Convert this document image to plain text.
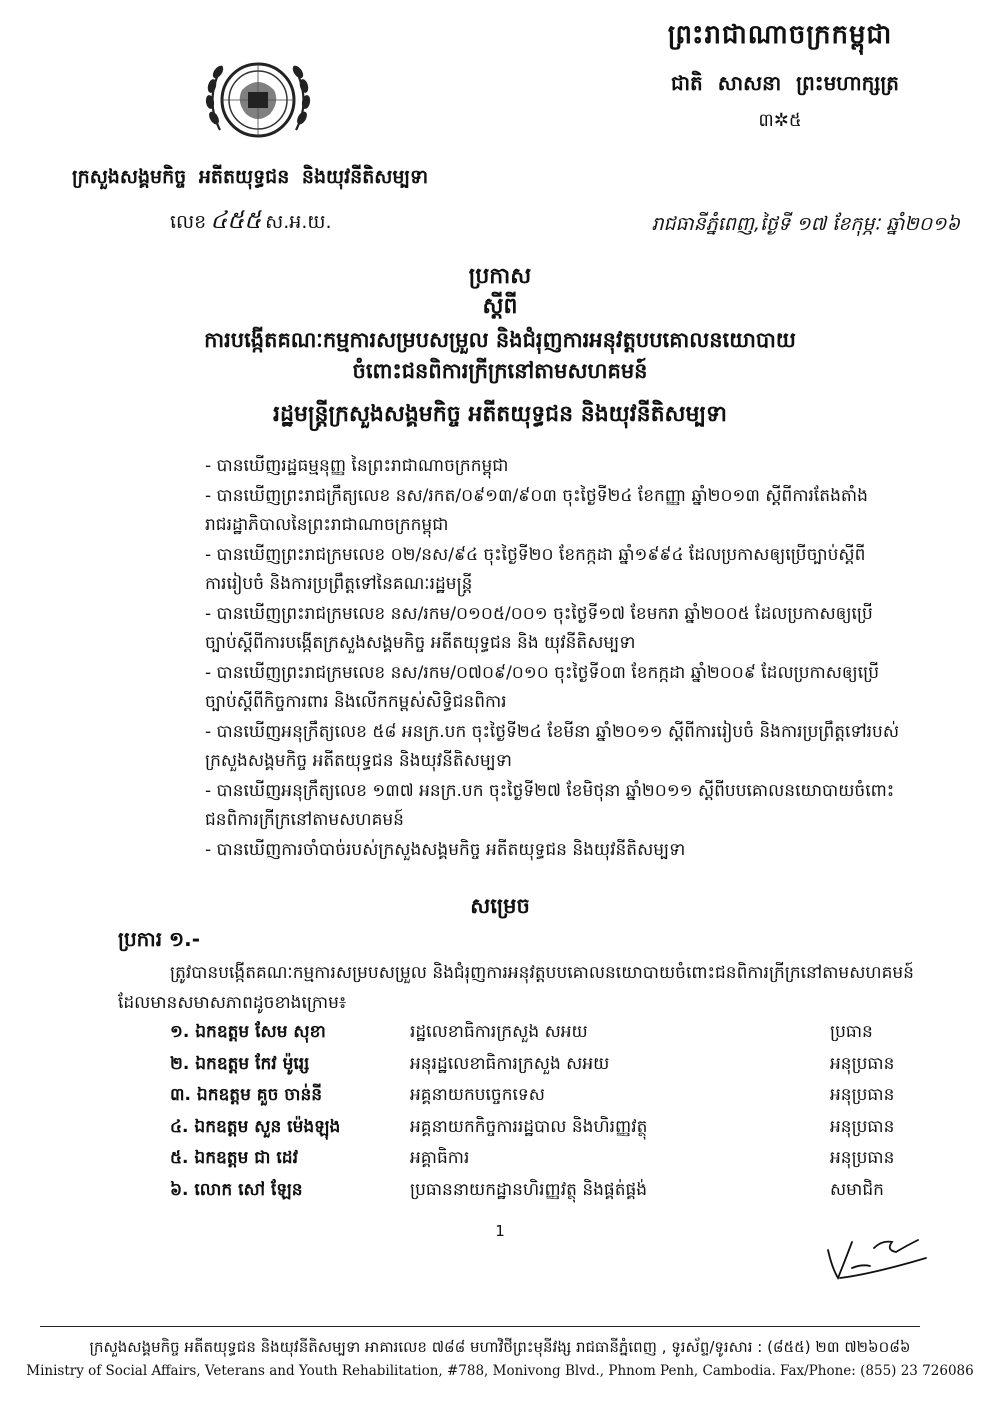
ព្រះរាជាណាចក្រកម្ពុជា
ជាតិ សាសនា ព្រះមហាក្សត្រ
៣✲៥
ក្រសួងសង្គមកិច្ច អតីតយុទ្ធជន និងយុវនីតិសម្បទា
លេខ ៤៥៥ ស.អ.យ.	រាជធានីភ្នំពេញ,ថ្ងៃទី ១៧ ខែកុម្ភៈ ឆ្នាំ២០១៦
ប្រកាស
ស្តីពី
ការបង្កើតគណៈកម្មការសម្របសម្រួល និងជំរុញការអនុវត្តបបគោលនយោបាយ
ចំពោះជនពិការក្រីក្រនៅតាមសហគមន៍
រដ្ឋមន្ត្រីក្រសួងសង្គមកិច្ច អតីតយុទ្ធជន និងយុវនីតិសម្បទា
- បានឃើញរដ្ឋធម្មនុញ្ញ នៃព្រះរាជាណាចក្រកម្ពុជា
- បានឃើញព្រះរាជក្រឹត្យលេខ នស/រកត/០៩១៣/៩០៣ ចុះថ្ងៃទី២៤ ខែកញ្ញា ឆ្នាំ២០១៣ ស្តីពីការតែងតាំង
រាជរដ្ឋាភិបាលនៃព្រះរាជាណាចក្រកម្ពុជា
- បានឃើញព្រះរាជក្រមលេខ ០២/នស/៩៤ ចុះថ្ងៃទី២០ ខែកក្កដា ឆ្នាំ១៩៩៤ ដែលប្រកាសឲ្យប្រើច្បាប់ស្តីពី
ការរៀបចំ និងការប្រព្រឹត្តទៅនៃគណៈរដ្ឋមន្ត្រី
- បានឃើញព្រះរាជក្រមលេខ នស/រកម/០១០៥/០០១ ចុះថ្ងៃទី១៧ ខែមករា ឆ្នាំ២០០៥ ដែលប្រកាសឲ្យប្រើ
ច្បាប់ស្តីពីការបង្កើតក្រសួងសង្គមកិច្ច អតីតយុទ្ធជន និង យុវនីតិសម្បទា
- បានឃើញព្រះរាជក្រមលេខ នស/រកម/០៧០៩/០១០ ចុះថ្ងៃទី០៣ ខែកក្កដា ឆ្នាំ២០០៩ ដែលប្រកាសឲ្យប្រើ
ច្បាប់ស្តីពីកិច្ចការពារ និងលើកកម្ពស់សិទ្ធិជនពិការ
- បានឃើញអនុក្រឹត្យលេខ ៥៨ អនក្រ.បក ចុះថ្ងៃទី២៤ ខែមីនា ឆ្នាំ២០១១ ស្តីពីការរៀបចំ និងការប្រព្រឹត្តទៅរបស់
ក្រសួងសង្គមកិច្ច អតីតយុទ្ធជន និងយុវនីតិសម្បទា
- បានឃើញអនុក្រឹត្យលេខ ១៣៧ អនក្រ.បក ចុះថ្ងៃទី២៧ ខែមិថុនា ឆ្នាំ២០១១ ស្តីពីបបគោលនយោបាយចំពោះ
ជនពិការក្រីក្រនៅតាមសហគមន៍
- បានឃើញការចាំបាច់របស់ក្រសួងសង្គមកិច្ច អតីតយុទ្ធជន និងយុវនីតិសម្បទា
សម្រេច
ប្រការ ១.-
ត្រូវបានបង្កើតគណៈកម្មការសម្របសម្រួល និងជំរុញការអនុវត្តបបគោលនយោបាយចំពោះជនពិការក្រីក្រនៅតាមសហគមន៍ ដែលមានសមាសភាពដូចខាងក្រោម៖
១. ឯកឧត្តម សែម សុខា	រដ្ឋលេខាធិការក្រសួង សអយ	ប្រធាន
២. ឯកឧត្តម កែវ ម៉ូរ្សេ	អនុរដ្ឋលេខាធិការក្រសួង សអយ	អនុប្រធាន
៣. ឯកឧត្តម គួច ចាន់នី	អគ្គនាយកបច្ចេកទេស	អនុប្រធាន
៤. ឯកឧត្តម សួន ម៉េងឡុង	អគ្គនាយកកិច្ចការរដ្ឋបាល និងហិរញ្ញវត្ថុ	អនុប្រធាន
៥. ឯកឧត្តម ជា ដេវ	អគ្គាធិការ	អនុប្រធាន
៦. លោក សៅ ឡែន	ប្រធាននាយកដ្ឋានហិរញ្ញវត្ថុ និងផ្គត់ផ្គង់	សមាជិក
1
ក្រសួងសង្គមកិច្ច អតីតយុទ្ធជន និងយុវនីតិសម្បទា អាគារលេខ ៧៨៨ មហាវិថីព្រះមុនីវង្ស រាជធានីភ្នំពេញ , ទូរស័ព្ទ/ទូរសារ : (៨៥៥) ២៣ ៧២៦០៨៦
Ministry of Social Affairs, Veterans and Youth Rehabilitation, #788, Monivong Blvd., Phnom Penh, Cambodia. Fax/Phone: (855) 23 726086
